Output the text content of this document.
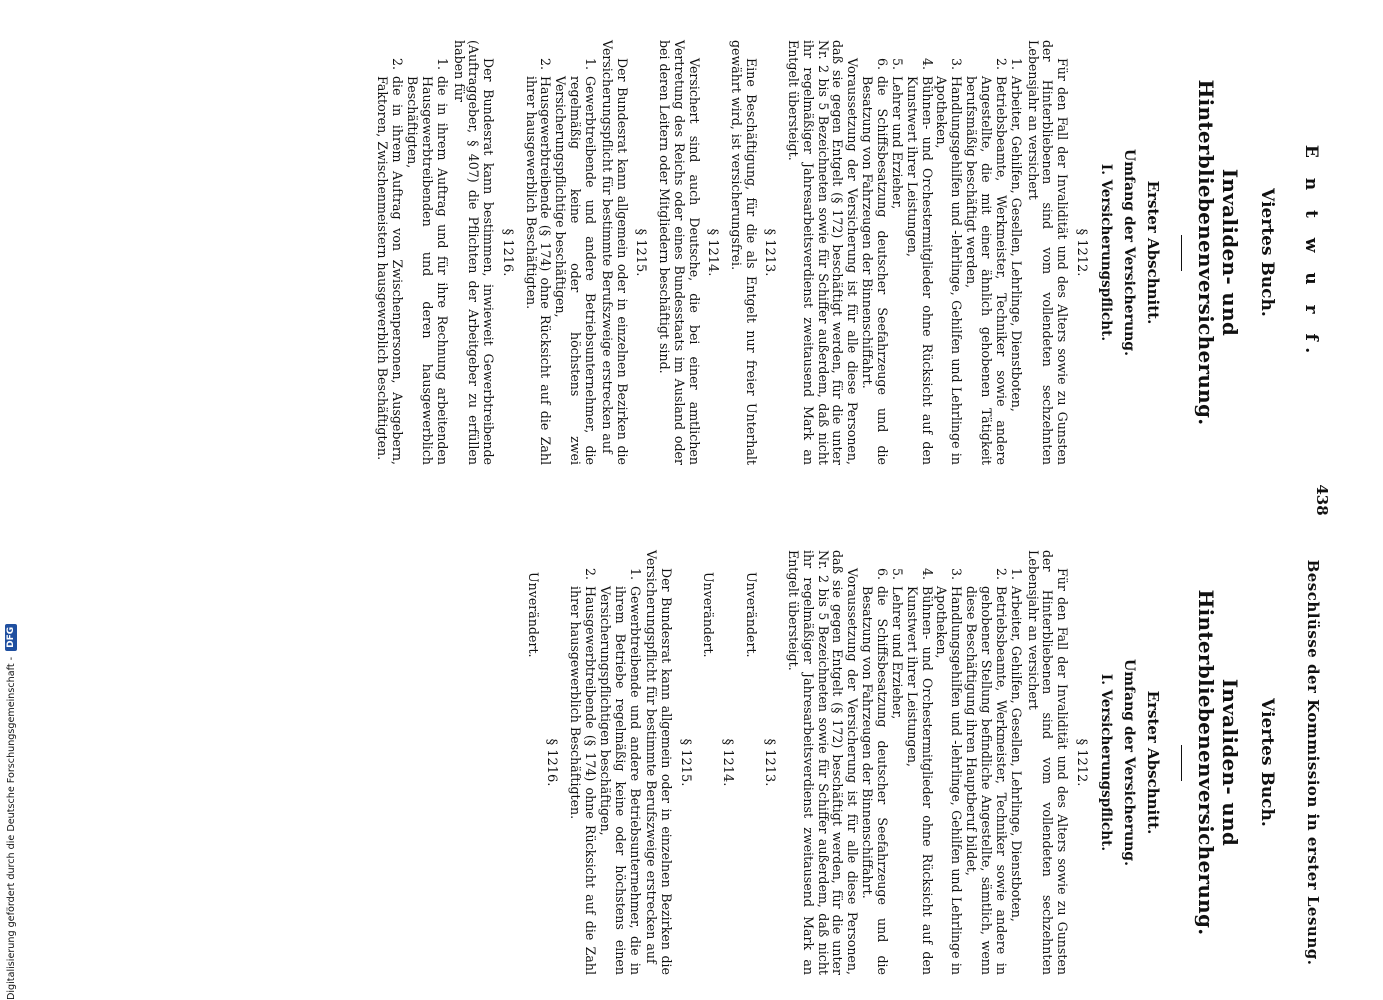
438

E n t w u r f.
Viertes Buch.
Invaliden- und Hinterbliebenenversicherung.
Erster Abschnitt.
Umfang der Versicherung.
I. Versicherungspflicht.
§ 1212.

Für den Fall der Invalidität und des Alters sowie zu Gunsten der Hinterbliebenen sind vom vollendeten sechzehnten Lebensjahr an versichert

1.
Arbeiter, Gehilfen, Gesellen, Lehrlinge, Dienstboten,
2.
Betriebsbeamte, Werkmeister, Techniker sowie andere Angestellte, die mit einer ähnlich gehobenen Tätigkeit berufsmäßig beschäftigt werden,
3.
Handlungsgehilfen und -lehrlinge, Gehilfen und Lehrlinge in Apotheken,
4.
Bühnen- und Orchestermitglieder ohne Rücksicht auf den Kunstwert ihrer Leistungen,
5.
Lehrer und Erzieher,
6.
die Schiffsbesatzung deutscher Seefahrzeuge und die Besatzung von Fahrzeugen der Binnenschiffahrt.

Voraussetzung der Versicherung ist für alle diese Personen, daß sie gegen Entgelt (§ 172) beschäftigt werden, für die unter Nr. 2 bis 5 Bezeichneten sowie für Schiffer außerdem, daß nicht ihr regelmäßiger Jahresarbeitsverdienst zweitausend Mark an Entgelt übersteigt.

§ 1213.

Eine Beschäftigung, für die als Entgelt nur freier Unterhalt gewährt wird, ist versicherungsfrei.

§ 1214.

Versichert sind auch Deutsche, die bei einer amtlichen Vertretung des Reichs oder eines Bundesstaats im Ausland oder bei deren Leitern oder Mitgliedern beschäftigt sind.

§ 1215.

Der Bundesrat kann allgemein oder in einzelnen Bezirken die Versicherungspflicht für bestimmte Berufszweige erstrecken auf

1.
Gewerbtreibende und andere Betriebsunternehmer, die regelmäßig keine oder höchstens zwei Versicherungspflichtige beschäftigen,
2.
Hausgewerbtreibende (§ 174) ohne Rücksicht auf die Zahl ihrer hausgewerblich Beschäftigten.
§ 1216.

Der Bundesrat kann bestimmen, inwieweit Gewerbtreibende (Auftraggeber, § 407) die Pflichten der Arbeitgeber zu erfüllen haben für

1.
die in ihrem Auftrag und für ihre Rechnung arbeitenden Hausgewerbtreibenden und deren hausgewerblich Beschäftigten,
2.
die in ihrem Auftrag von Zwischenpersonen, Ausgebern, Faktoren, Zwischenmeistern hausgewerblich Beschäftigten.
Beschlüsse der Kommission in erster Lesung.
Viertes Buch.
Invaliden- und Hinterbliebenenversicherung.
Erster Abschnitt.
Umfang der Versicherung.
I. Versicherungspflicht.
§ 1212.

Für den Fall der Invalidität und des Alters sowie zu Gunsten der Hinterbliebenen sind vom vollendeten sechzehnten Lebensjahr an versichert

1.
Arbeiter, Gehilfen, Gesellen, Lehrlinge, Dienstboten,
2.
Betriebsbeamte, Werkmeister, Techniker sowie andere in gehobener Stellung befindliche Angestellte, sämtlich, wenn diese Beschäftigung ihren Hauptberuf bildet,
3.
Handlungsgehilfen und -lehrlinge, Gehilfen und Lehrlinge in Apotheken,
4.
Bühnen- und Orchestermitglieder ohne Rücksicht auf den Kunstwert ihrer Leistungen,
5.
Lehrer und Erzieher,
6.
die Schiffsbesatzung deutscher Seefahrzeuge und die Besatzung von Fahrzeugen der Binnenschiffahrt.

Voraussetzung der Versicherung ist für alle diese Personen, daß sie gegen Entgelt (§ 172) beschäftigt werden, für die unter Nr. 2 bis 5 Bezeichneten sowie für Schiffer außerdem, daß nicht ihr regelmäßiger Jahresarbeitsverdienst zweitausend Mark an Entgelt übersteigt.

§ 1213.

Unverändert.

§ 1214.

Unverändert.

§ 1215.

Der Bundesrat kann allgemein oder in einzelnen Bezirken die Versicherungspflicht für bestimmte Berufszweige erstrecken auf

1.
Gewerbtreibende und andere Betriebsunternehmer, die in ihrem Betriebe regelmäßig keine oder höchstens einen Versicherungspflichtigen beschäftigen,
2.
Hausgewerbtreibende (§ 174) ohne Rücksicht auf die Zahl ihrer hausgewerblich Beschäftigten.
§ 1216.

Unverändert.

Digitalisierung gefördert durch die Deutsche Forschungsgemeinschaft -
DFG
